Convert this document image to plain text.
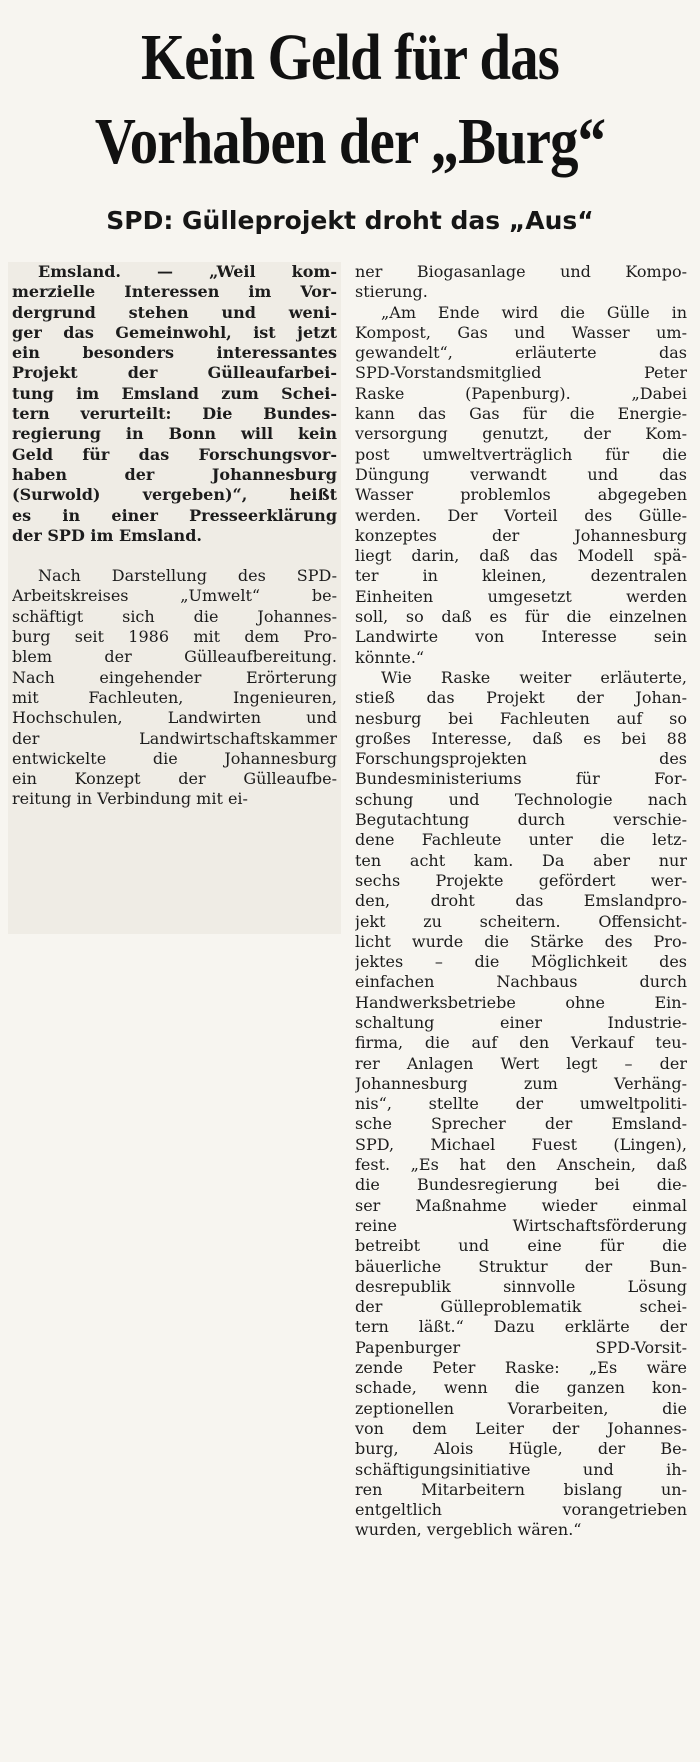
Kein Geld für das
Vorhaben der „Burg“
SPD: Gülleprojekt droht das „Aus“
Emsland. — „Weil kom-
merzielle Interessen im Vor-
dergrund stehen und weni-
ger das Gemeinwohl, ist jetzt
ein besonders interessantes
Projekt der Gülleaufarbei-
tung im Emsland zum Schei-
tern verurteilt: Die Bundes-
regierung in Bonn will kein
Geld für das Forschungsvor-
haben der Johannesburg
(Surwold) vergeben)“, heißt
es in einer Presseerklärung
der SPD im Emsland.
Nach Darstellung des SPD-
Arbeitskreises „Umwelt“ be-
schäftigt sich die Johannes-
burg seit 1986 mit dem Pro-
blem der Gülleaufbereitung.
Nach eingehender Erörterung
mit Fachleuten, Ingenieuren,
Hochschulen, Landwirten und
der Landwirtschaftskammer
entwickelte die Johannesburg
ein Konzept der Gülleaufbe-
reitung in Verbindung mit ei-
ner Biogasanlage und Kompo-
stierung.
„Am Ende wird die Gülle in
Kompost, Gas und Wasser um-
gewandelt“, erläuterte das
SPD-Vorstandsmitglied Peter
Raske (Papenburg). „Dabei
kann das Gas für die Energie-
versorgung genutzt, der Kom-
post umweltverträglich für die
Düngung verwandt und das
Wasser problemlos abgegeben
werden. Der Vorteil des Gülle-
konzeptes der Johannesburg
liegt darin, daß das Modell spä-
ter in kleinen, dezentralen
Einheiten umgesetzt werden
soll, so daß es für die einzelnen
Landwirte von Interesse sein
könnte.“
Wie Raske weiter erläuterte,
stieß das Projekt der Johan-
nesburg bei Fachleuten auf so
großes Interesse, daß es bei 88
Forschungsprojekten des
Bundesministeriums für For-
schung und Technologie nach
Begutachtung durch verschie-
dene Fachleute unter die letz-
ten acht kam. Da aber nur
sechs Projekte gefördert wer-
den, droht das Emslandpro-
jekt zu scheitern. Offensicht-
licht wurde die Stärke des Pro-
jektes – die Möglichkeit des
einfachen Nachbaus durch
Handwerksbetriebe ohne Ein-
schaltung einer Industrie-
firma, die auf den Verkauf teu-
rer Anlagen Wert legt – der
Johannesburg zum Verhäng-
nis“, stellte der umweltpoliti-
sche Sprecher der Emsland-
SPD, Michael Fuest (Lingen),
fest. „Es hat den Anschein, daß
die Bundesregierung bei die-
ser Maßnahme wieder einmal
reine Wirtschaftsförderung
betreibt und eine für die
bäuerliche Struktur der Bun-
desrepublik sinnvolle Lösung
der Gülleproblematik schei-
tern läßt.“ Dazu erklärte der
Papenburger SPD-Vorsit-
zende Peter Raske: „Es wäre
schade, wenn die ganzen kon-
zeptionellen Vorarbeiten, die
von dem Leiter der Johannes-
burg, Alois Hügle, der Be-
schäftigungsinitiative und ih-
ren Mitarbeitern bislang un-
entgeltlich vorangetrieben
wurden, vergeblich wären.“
